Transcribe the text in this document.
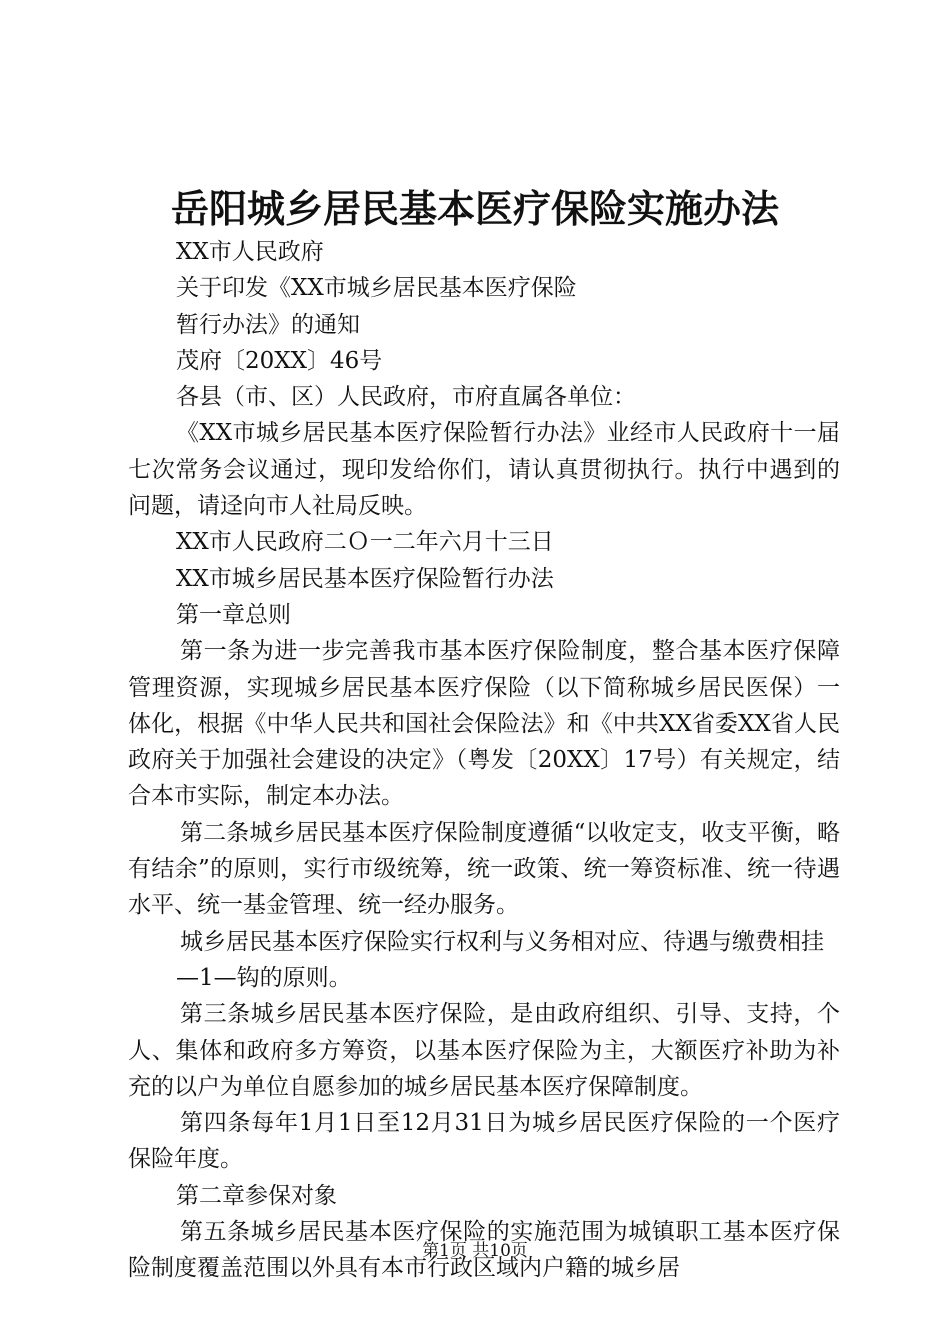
岳阳城乡居民基本医疗保险实施办法

XX市人民政府

关于印发《XX市城乡居民基本医疗保险

暂行办法》的通知

茂府〔20XX〕46号

各县（市、区）人民政府，市府直属各单位：

《XX市城乡居民基本医疗保险暂行办法》业经市人民政府十一届七次常务会议通过，现印发给你们，请认真贯彻执行。执行中遇到的问题，请迳向市人社局反映。

XX市人民政府二Ｏ一二年六月十三日

XX市城乡居民基本医疗保险暂行办法

第一章总则

第一条为进一步完善我市基本医疗保险制度，整合基本医疗保障管理资源，实现城乡居民基本医疗保险（以下简称城乡居民医保）一体化，根据《中华人民共和国社会保险法》和《中共XX省委XX省人民政府关于加强社会建设的决定》（粤发〔20XX〕17号）有关规定，结合本市实际，制定本办法。

第二条城乡居民基本医疗保险制度遵循“以收定支，收支平衡，略有结余”的原则，实行市级统筹，统一政策、统一筹资标准、统一待遇水平、统一基金管理、统一经办服务。

城乡居民基本医疗保险实行权利与义务相对应、待遇与缴费相挂

—1—钩的原则。

第三条城乡居民基本医疗保险，是由政府组织、引导、支持，个人、集体和政府多方筹资，以基本医疗保险为主，大额医疗补助为补充的以户为单位自愿参加的城乡居民基本医疗保障制度。

第四条每年1月1日至12月31日为城乡居民医疗保险的一个医疗保险年度。

第二章参保对象

第五条城乡居民基本医疗保险的实施范围为城镇职工基本医疗保险制度覆盖范围以外具有本市行政区域内户籍的城乡居

第1页 共10页
